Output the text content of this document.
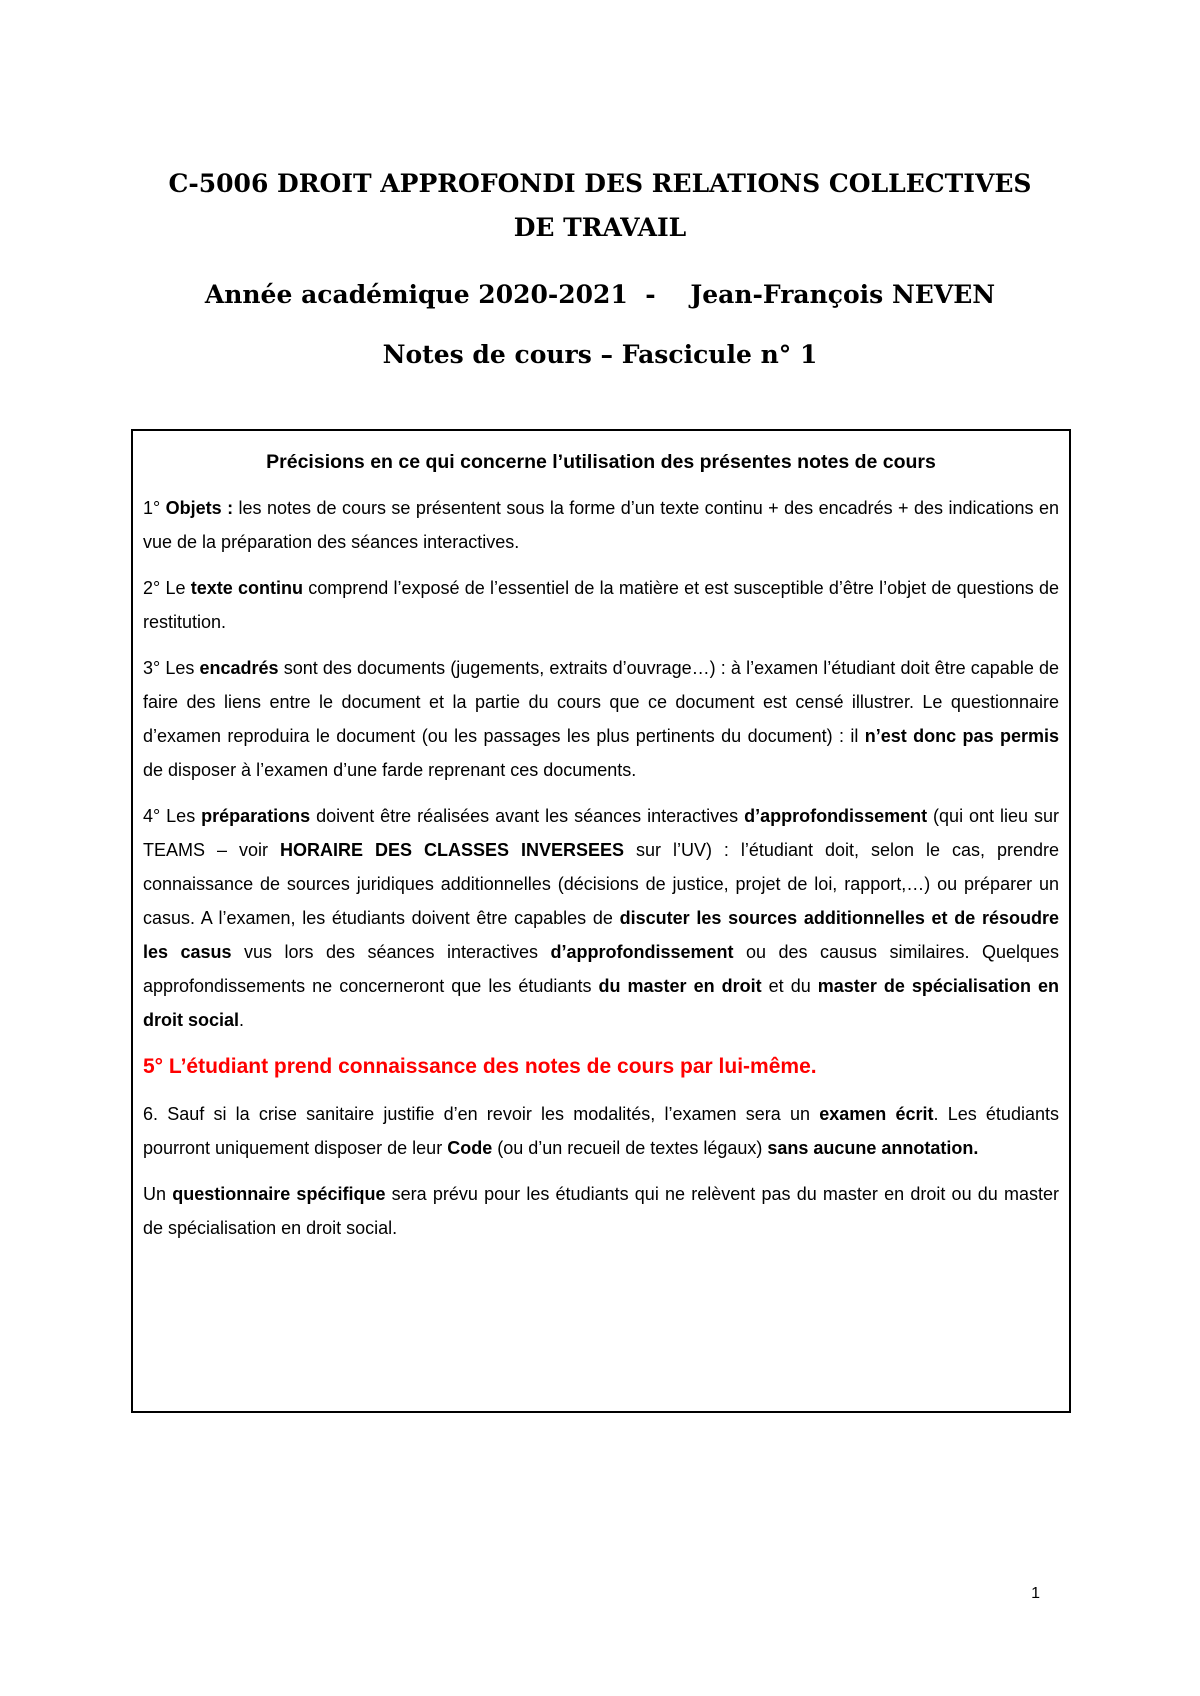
C-5006 DROIT APPROFONDI DES RELATIONS COLLECTIVES
DE TRAVAIL

Année académique 2020-2021  -    Jean-François NEVEN

Notes de cours – Fascicule n° 1

Précisions en ce qui concerne l’utilisation des présentes notes de cours

1° Objets : les notes de cours se présentent sous la forme d’un texte continu + des encadrés + des indications en vue de la préparation des séances interactives.

2° Le texte continu comprend l’exposé de l’essentiel de la matière et est susceptible d’être l’objet de questions de restitution.

3° Les encadrés sont des documents (jugements, extraits d’ouvrage…) : à l’examen l’étudiant doit être capable de faire des liens entre le document et la partie du cours que ce document est censé illustrer. Le questionnaire d’examen reproduira le document (ou les passages les plus pertinents du document) : il n’est donc pas permis de disposer à l’examen d’une farde reprenant ces documents.

4° Les préparations doivent être réalisées avant les séances interactives d’approfondissement (qui ont lieu sur TEAMS – voir HORAIRE DES CLASSES INVERSEES sur l’UV) : l’étudiant doit, selon le cas, prendre connaissance de sources juridiques additionnelles (décisions de justice, projet de loi, rapport,…) ou préparer un casus. A l’examen, les étudiants doivent être capables de discuter les sources additionnelles et de résoudre les casus vus lors des séances interactives d’approfondissement ou des causus similaires. Quelques approfondissements ne concerneront que les étudiants du master en droit et du master de spécialisation en droit social.

5° L’étudiant prend connaissance des notes de cours par lui-même.

6. Sauf si la crise sanitaire justifie d’en revoir les modalités, l’examen sera un examen écrit. Les étudiants pourront uniquement disposer de leur Code (ou d’un recueil de textes légaux) sans aucune annotation.

Un questionnaire spécifique sera prévu pour les étudiants qui ne relèvent pas du master en droit ou du master de spécialisation en droit social.

1
